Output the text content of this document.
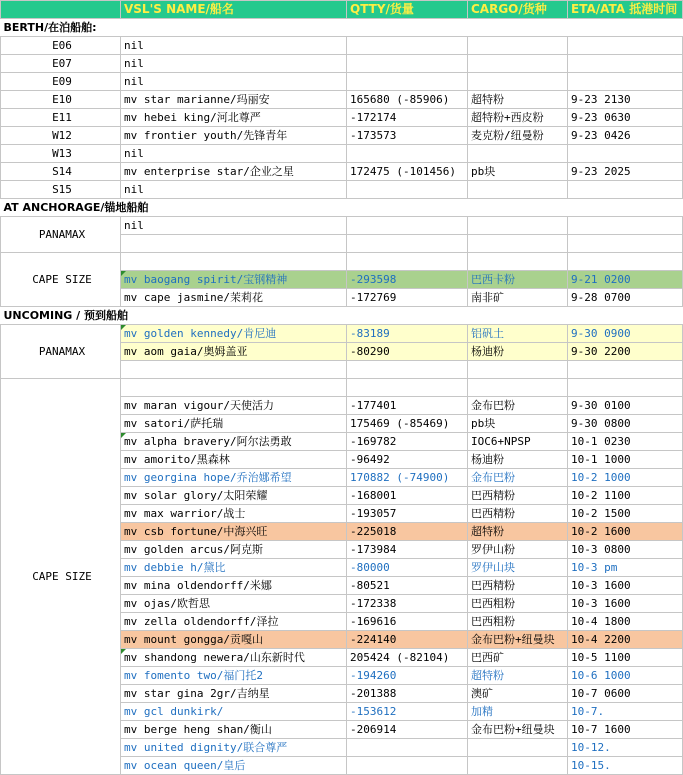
	VSL'S NAME/船名	QTTY/货量	CARGO/货种	ETA/ATA 抵港时间
BERTH/在泊船舶:				
E06	nil			
E07	nil			
E09	nil			
E10	mv star marianne/玛丽安	165680 (-85906)	超特粉	9-23 2130
E11	mv hebei king/河北尊严	-172174	超特粉+西皮粉	9-23 0630
W12	mv frontier youth/先锋青年	-173573	麦克粉/纽曼粉	9-23 0426
W13	nil			
S14	mv enterprise star/企业之星	172475 (-101456)	pb块	9-23 2025
S15	nil			
AT ANCHORAGE/锚地船舶				
PANAMAX	nil			

CAPE SIZE				
	mv baogang spirit/宝钢精神	-293598	巴西卡粉	9-21 0200
	mv cape jasmine/茉莉花	-172769	南非矿	9-28 0700
UNCOMING / 预到船舶				
PANAMAX	mv golden kennedy/肯尼迪	-83189	铝矾土	9-30 0900
	mv aom gaia/奥姆盖亚	-80290	杨迪粉	9-30 2200

CAPE SIZE				
	mv maran vigour/天使活力	-177401	金布巴粉	9-30 0100
	mv satori/萨托瑞	175469 (-85469)	pb块	9-30 0800
	mv alpha bravery/阿尔法勇敢	-169782	IOC6+NPSP	10-1 0230
	mv amorito/黑森林	-96492	杨迪粉	10-1 1000
	mv georgina hope/乔治娜希望	170882 (-74900)	金布巴粉	10-2 1000
	mv solar glory/太阳荣耀	-168001	巴西精粉	10-2 1100
	mv max warrior/战士	-193057	巴西精粉	10-2 1500
	mv csb fortune/中海兴旺	-225018	超特粉	10-2 1600
	mv golden arcus/阿克斯	-173984	罗伊山粉	10-3 0800
	mv debbie h/黛比	-80000	罗伊山块	10-3 pm
	mv mina oldendorff/米娜	-80521	巴西精粉	10-3 1600
	mv ojas/欧哲思	-172338	巴西粗粉	10-3 1600
	mv zella oldendorff/泽拉	-169616	巴西粗粉	10-4 1800
	mv mount gongga/贡嘎山	-224140	金布巴粉+纽曼块	10-4 2200
	mv shandong newera/山东新时代	205424 (-82104)	巴西矿	10-5 1100
	mv fomento two/福门托2	-194260	超特粉	10-6 1000
	mv star gina 2gr/吉纳星	-201388	澳矿	10-7 0600
	mv gcl dunkirk/	-153612	加精	10-7.
	mv berge heng shan/衡山	-206914	金布巴粉+纽曼块	10-7 1600
	mv united dignity/联合尊严			10-12.
	mv ocean queen/皇后			10-15.
